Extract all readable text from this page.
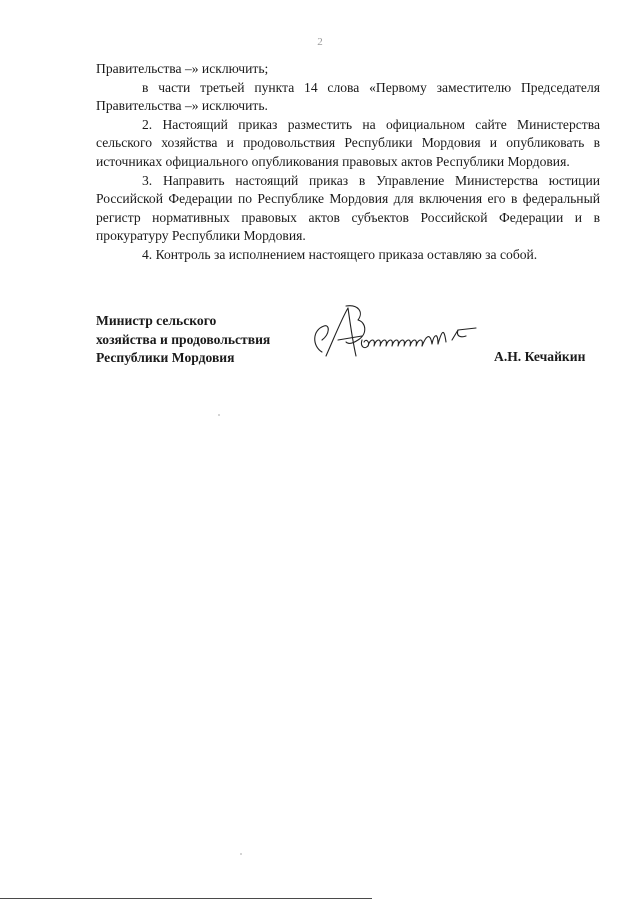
2

Правительства –» исключить;

в части третьей пункта 14 слова «Первому заместителю Председателя Правительства –» исключить.

2. Настоящий приказ разместить на официальном сайте Министерства сельского хозяйства и продовольствия Республики Мордовия и опубликовать в источниках официального опубликования правовых актов Республики Мордовия.

3. Направить настоящий приказ в Управление Министерства юстиции Российской Федерации по Республике Мордовия для включения его в федеральный регистр нормативных правовых актов субъектов Российской Федерации и в прокуратуру Республики Мордовия.

4. Контроль за исполнением настоящего приказа оставляю за собой.

Министр сельского
хозяйства и продовольствия
Республики Мордовия	А.Н. Кечайкин
